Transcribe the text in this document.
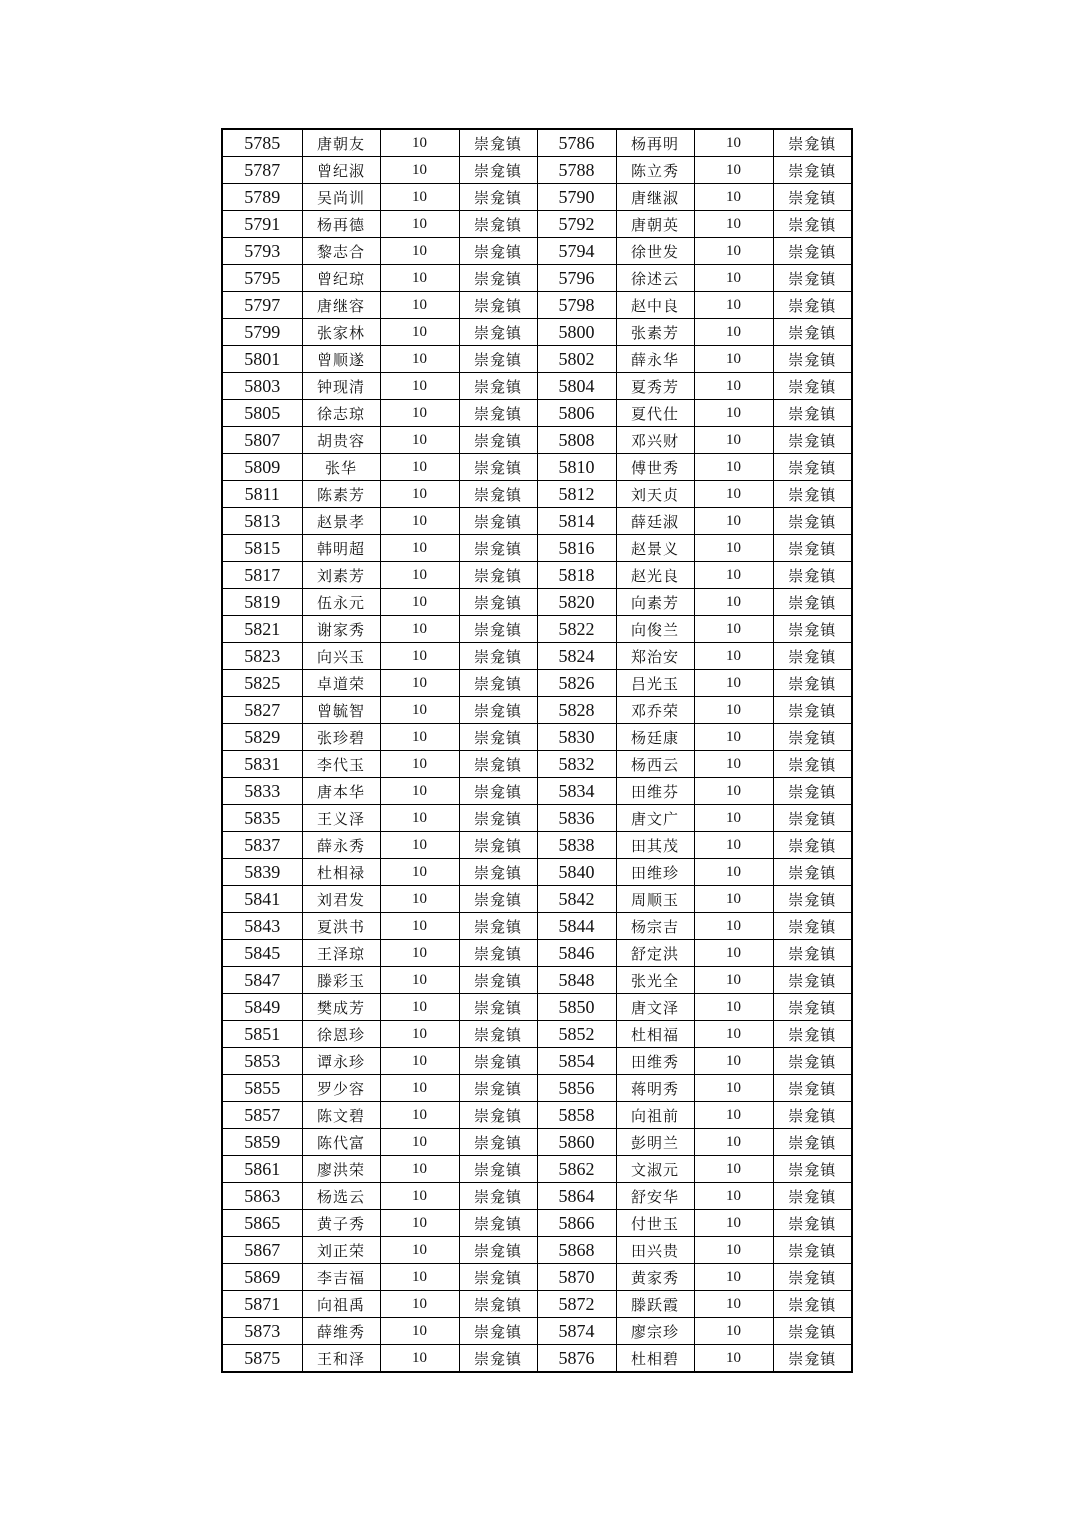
5785	唐朝友	10	崇龛镇	5786	杨再明	10	崇龛镇
5787	曾纪淑	10	崇龛镇	5788	陈立秀	10	崇龛镇
5789	吴尚训	10	崇龛镇	5790	唐继淑	10	崇龛镇
5791	杨再德	10	崇龛镇	5792	唐朝英	10	崇龛镇
5793	黎志合	10	崇龛镇	5794	徐世发	10	崇龛镇
5795	曾纪琼	10	崇龛镇	5796	徐述云	10	崇龛镇
5797	唐继容	10	崇龛镇	5798	赵中良	10	崇龛镇
5799	张家林	10	崇龛镇	5800	张素芳	10	崇龛镇
5801	曾顺遂	10	崇龛镇	5802	薛永华	10	崇龛镇
5803	钟现清	10	崇龛镇	5804	夏秀芳	10	崇龛镇
5805	徐志琼	10	崇龛镇	5806	夏代仕	10	崇龛镇
5807	胡贵容	10	崇龛镇	5808	邓兴财	10	崇龛镇
5809	张华	10	崇龛镇	5810	傅世秀	10	崇龛镇
5811	陈素芳	10	崇龛镇	5812	刘天贞	10	崇龛镇
5813	赵景孝	10	崇龛镇	5814	薛廷淑	10	崇龛镇
5815	韩明超	10	崇龛镇	5816	赵景义	10	崇龛镇
5817	刘素芳	10	崇龛镇	5818	赵光良	10	崇龛镇
5819	伍永元	10	崇龛镇	5820	向素芳	10	崇龛镇
5821	谢家秀	10	崇龛镇	5822	向俊兰	10	崇龛镇
5823	向兴玉	10	崇龛镇	5824	郑治安	10	崇龛镇
5825	卓道荣	10	崇龛镇	5826	吕光玉	10	崇龛镇
5827	曾毓智	10	崇龛镇	5828	邓乔荣	10	崇龛镇
5829	张珍碧	10	崇龛镇	5830	杨廷康	10	崇龛镇
5831	李代玉	10	崇龛镇	5832	杨西云	10	崇龛镇
5833	唐本华	10	崇龛镇	5834	田维芬	10	崇龛镇
5835	王义泽	10	崇龛镇	5836	唐文广	10	崇龛镇
5837	薛永秀	10	崇龛镇	5838	田其茂	10	崇龛镇
5839	杜相禄	10	崇龛镇	5840	田维珍	10	崇龛镇
5841	刘君发	10	崇龛镇	5842	周顺玉	10	崇龛镇
5843	夏洪书	10	崇龛镇	5844	杨宗吉	10	崇龛镇
5845	王泽琼	10	崇龛镇	5846	舒定洪	10	崇龛镇
5847	滕彩玉	10	崇龛镇	5848	张光全	10	崇龛镇
5849	樊成芳	10	崇龛镇	5850	唐文泽	10	崇龛镇
5851	徐恩珍	10	崇龛镇	5852	杜相福	10	崇龛镇
5853	谭永珍	10	崇龛镇	5854	田维秀	10	崇龛镇
5855	罗少容	10	崇龛镇	5856	蒋明秀	10	崇龛镇
5857	陈文碧	10	崇龛镇	5858	向祖前	10	崇龛镇
5859	陈代富	10	崇龛镇	5860	彭明兰	10	崇龛镇
5861	廖洪荣	10	崇龛镇	5862	文淑元	10	崇龛镇
5863	杨选云	10	崇龛镇	5864	舒安华	10	崇龛镇
5865	黄子秀	10	崇龛镇	5866	付世玉	10	崇龛镇
5867	刘正荣	10	崇龛镇	5868	田兴贵	10	崇龛镇
5869	李吉福	10	崇龛镇	5870	黄家秀	10	崇龛镇
5871	向祖禹	10	崇龛镇	5872	滕跃霞	10	崇龛镇
5873	薛维秀	10	崇龛镇	5874	廖宗珍	10	崇龛镇
5875	王和泽	10	崇龛镇	5876	杜相碧	10	崇龛镇
